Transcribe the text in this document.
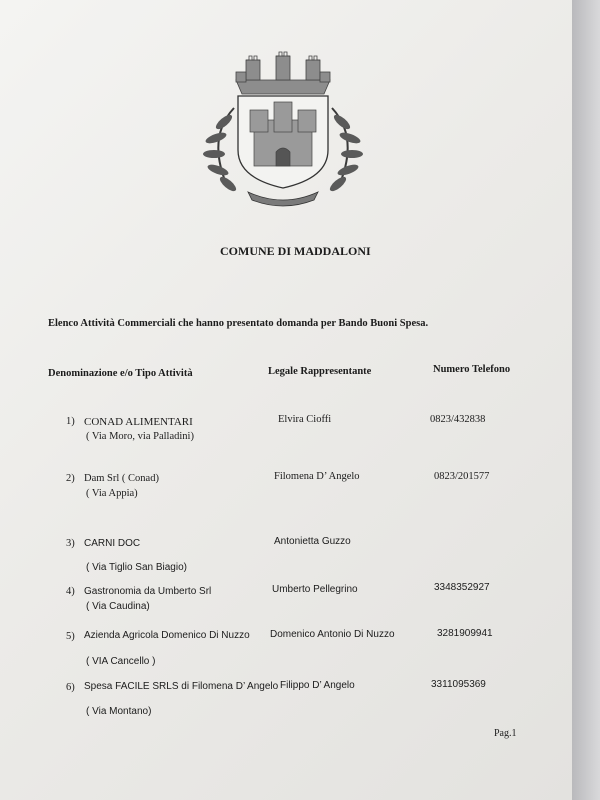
COMUNE DI MADDALONI
Elenco Attività Commerciali che hanno presentato domanda per Bando Buoni Spesa.
Denominazione e/o Tipo Attività	Legale Rappresentante	Numero Telefono
1) CONAD ALIMENTARI
( Via Moro, via Palladini)
Elvira Cioffi	0823/432838
2) Dam Srl ( Conad)
( Via Appia)
Filomena D’ Angelo	0823/201577
3) CARNI DOC
( Via Tiglio San Biagio)
Antonietta Guzzo
4) Gastronomia da Umberto Srl
( Via Caudina)
Umberto Pellegrino	3348352927
5) Azienda Agricola Domenico Di Nuzzo
( VIA Cancello )
Domenico Antonio Di Nuzzo	3281909941
6) Spesa FACILE SRLS di Filomena D’ Angelo
( Via Montano)
Filippo D’ Angelo	3311095369
Pag.1
